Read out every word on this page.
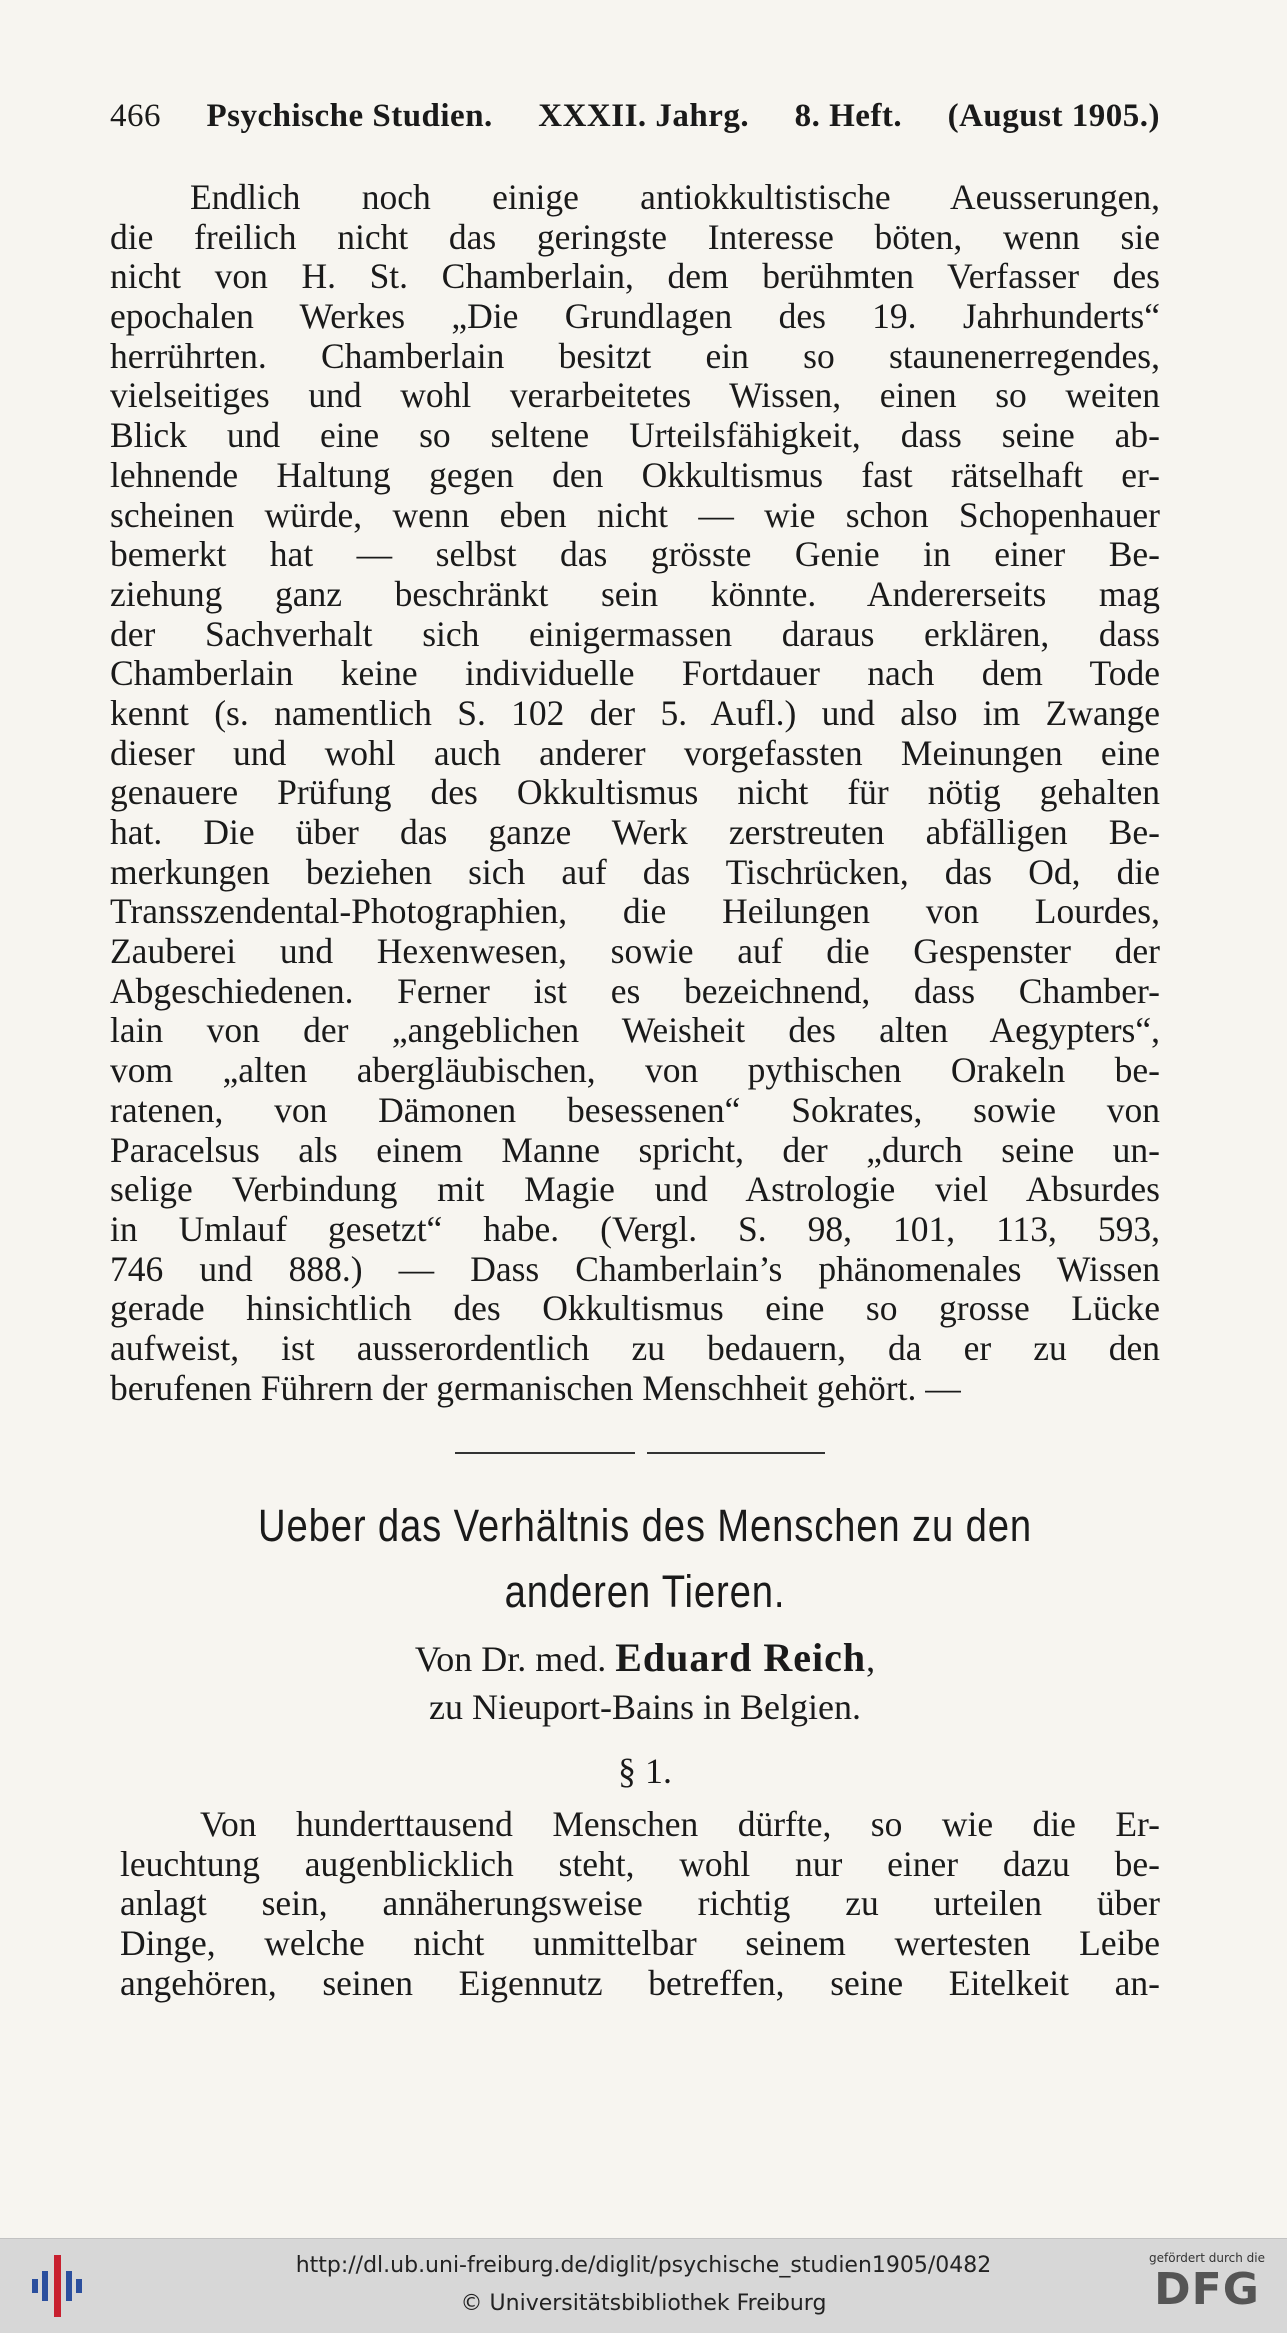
466 Psychische Studien. XXXII. Jahrg. 8. Heft. (August 1905.)
Endlich noch einige antiokkultistische Aeusserungen,
die freilich nicht das geringste Interesse böten, wenn sie
nicht von H. St. Chamberlain, dem berühmten Verfasser des
epochalen Werkes „Die Grundlagen des 19. Jahrhunderts“
herrührten. Chamberlain besitzt ein so staunenerregendes,
vielseitiges und wohl verarbeitetes Wissen, einen so weiten
Blick und eine so seltene Urteilsfähigkeit, dass seine ab-
lehnende Haltung gegen den Okkultismus fast rätselhaft er-
scheinen würde, wenn eben nicht — wie schon Schopenhauer
bemerkt hat — selbst das grösste Genie in einer Be-
ziehung ganz beschränkt sein könnte. Andererseits mag
der Sachverhalt sich einigermassen daraus erklären, dass
Chamberlain keine individuelle Fortdauer nach dem Tode
kennt (s. namentlich S. 102 der 5. Aufl.) und also im Zwange
dieser und wohl auch anderer vorgefassten Meinungen eine
genauere Prüfung des Okkultismus nicht für nötig gehalten
hat. Die über das ganze Werk zerstreuten abfälligen Be-
merkungen beziehen sich auf das Tischrücken, das Od, die
Transszendental-Photographien, die Heilungen von Lourdes,
Zauberei und Hexenwesen, sowie auf die Gespenster der
Abgeschiedenen. Ferner ist es bezeichnend, dass Chamber-
lain von der „angeblichen Weisheit des alten Aegypters“,
vom „alten abergläubischen, von pythischen Orakeln be-
ratenen, von Dämonen besessenen“ Sokrates, sowie von
Paracelsus als einem Manne spricht, der „durch seine un-
selige Verbindung mit Magie und Astrologie viel Absurdes
in Umlauf gesetzt“ habe. (Vergl. S. 98, 101, 113, 593,
746 und 888.) — Dass Chamberlain’s phänomenales Wissen
gerade hinsichtlich des Okkultismus eine so grosse Lücke
aufweist, ist ausserordentlich zu bedauern, da er zu den
berufenen Führern der germanischen Menschheit gehört. —
Ueber das Verhältnis des Menschen zu den
anderen Tieren.
Von Dr. med. Eduard Reich,
zu Nieuport-Bains in Belgien.
§ 1.
Von hunderttausend Menschen dürfte, so wie die Er-
leuchtung augenblicklich steht, wohl nur einer dazu be-
anlagt sein, annäherungsweise richtig zu urteilen über
Dinge, welche nicht unmittelbar seinem wertesten Leibe
angehören, seinen Eigennutz betreffen, seine Eitelkeit an-
http://dl.ub.uni-freiburg.de/diglit/psychische_studien1905/0482
© Universitätsbibliothek Freiburg
gefördert durch die
DFG
